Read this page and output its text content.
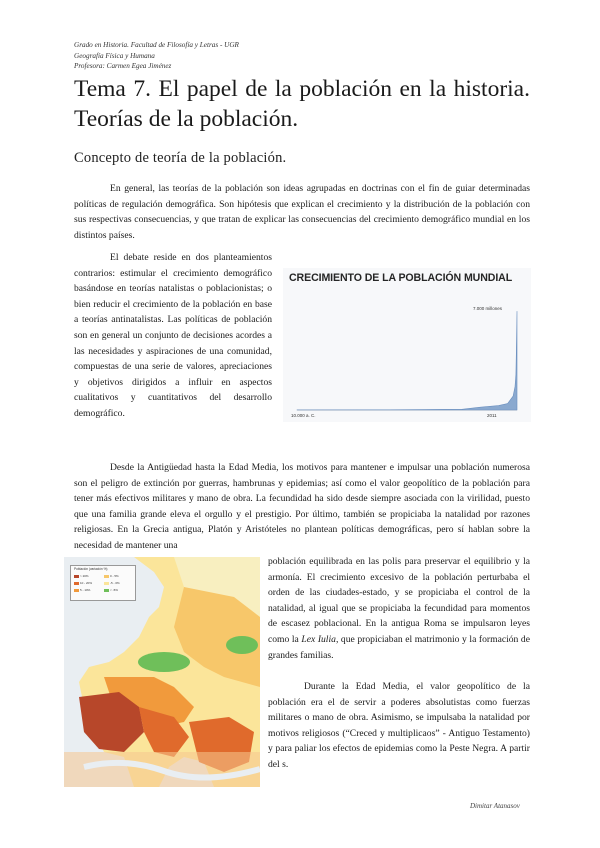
Grado en Historia. Facultad de Filosofía y Letras - UGR
Geografía Física y Humana
Profesora: Carmen Egea Jiménez
Tema 7. El papel de la población en la historia. Teorías de la población.
Concepto de teoría de la población.

En general, las teorías de la población son ideas agrupadas en doctrinas con el fin de guiar determinadas políticas de regulación demográfica. Son hipótesis que explican el crecimiento y la distribución de la población con sus respectivas consecuencias, y que tratan de explicar las consecuencias del crecimiento demográfico mundial en los distintos países.

El debate reside en dos planteamientos contrarios: estimular el crecimiento demográfico basándose en teorías natalistas o poblacionistas; o bien reducir el crecimiento de la población en base a teorías antinatalistas. Las políticas de población son en general un conjunto de decisiones acordes a las necesidades y aspiraciones de una comunidad, compuestas de una serie de valores, apreciaciones y objetivos dirigidos a influir en aspectos cualitativos y cuantitativos del desarrollo demográfico.

CRECIMIENTO DE LA POBLACIÓN MUNDIAL
7.000 millones
10.000 a. C.	2011

Desde la Antigüedad hasta la Edad Media, los motivos para mantener e impulsar una población numerosa son el peligro de extinción por guerras, hambrunas y epidemias; así como el valor geopolítico de la población para tener más efectivos militares y mano de obra. La fecundidad ha sido desde siempre asociada con la virilidad, puesto que una familia grande eleva el orgullo y el prestigio. Por último, también se propiciaba la natalidad por razones religiosas. En la Grecia antigua, Platón y Aristóteles no plantean políticas demográficas, pero sí hablan sobre la necesidad de mantener una

Población (variación %)
> 20%
10 - 20%
5 - 10%
0 - 5%
-5 - 0%
< -5%

población equilibrada en las polis para preservar el equilibrio y la armonía. El crecimiento excesivo de la población perturbaba el orden de las ciudades-estado, y se propiciaba el control de la natalidad, al igual que se propiciaba la fecundidad para momentos de escasez poblacional. En la antigua Roma se impulsaron leyes como la Lex Iulia, que propiciaban el matrimonio y la formación de grandes familias.

Durante la Edad Media, el valor geopolítico de la población era el de servir a poderes absolutistas como fuerzas militares o mano de obra. Asimismo, se impulsaba la natalidad por motivos religiosos (“Creced y multiplicaos” - Antiguo Testamento) y para paliar los efectos de epidemias como la Peste Negra. A partir del s.

Dimitar Atanasov
